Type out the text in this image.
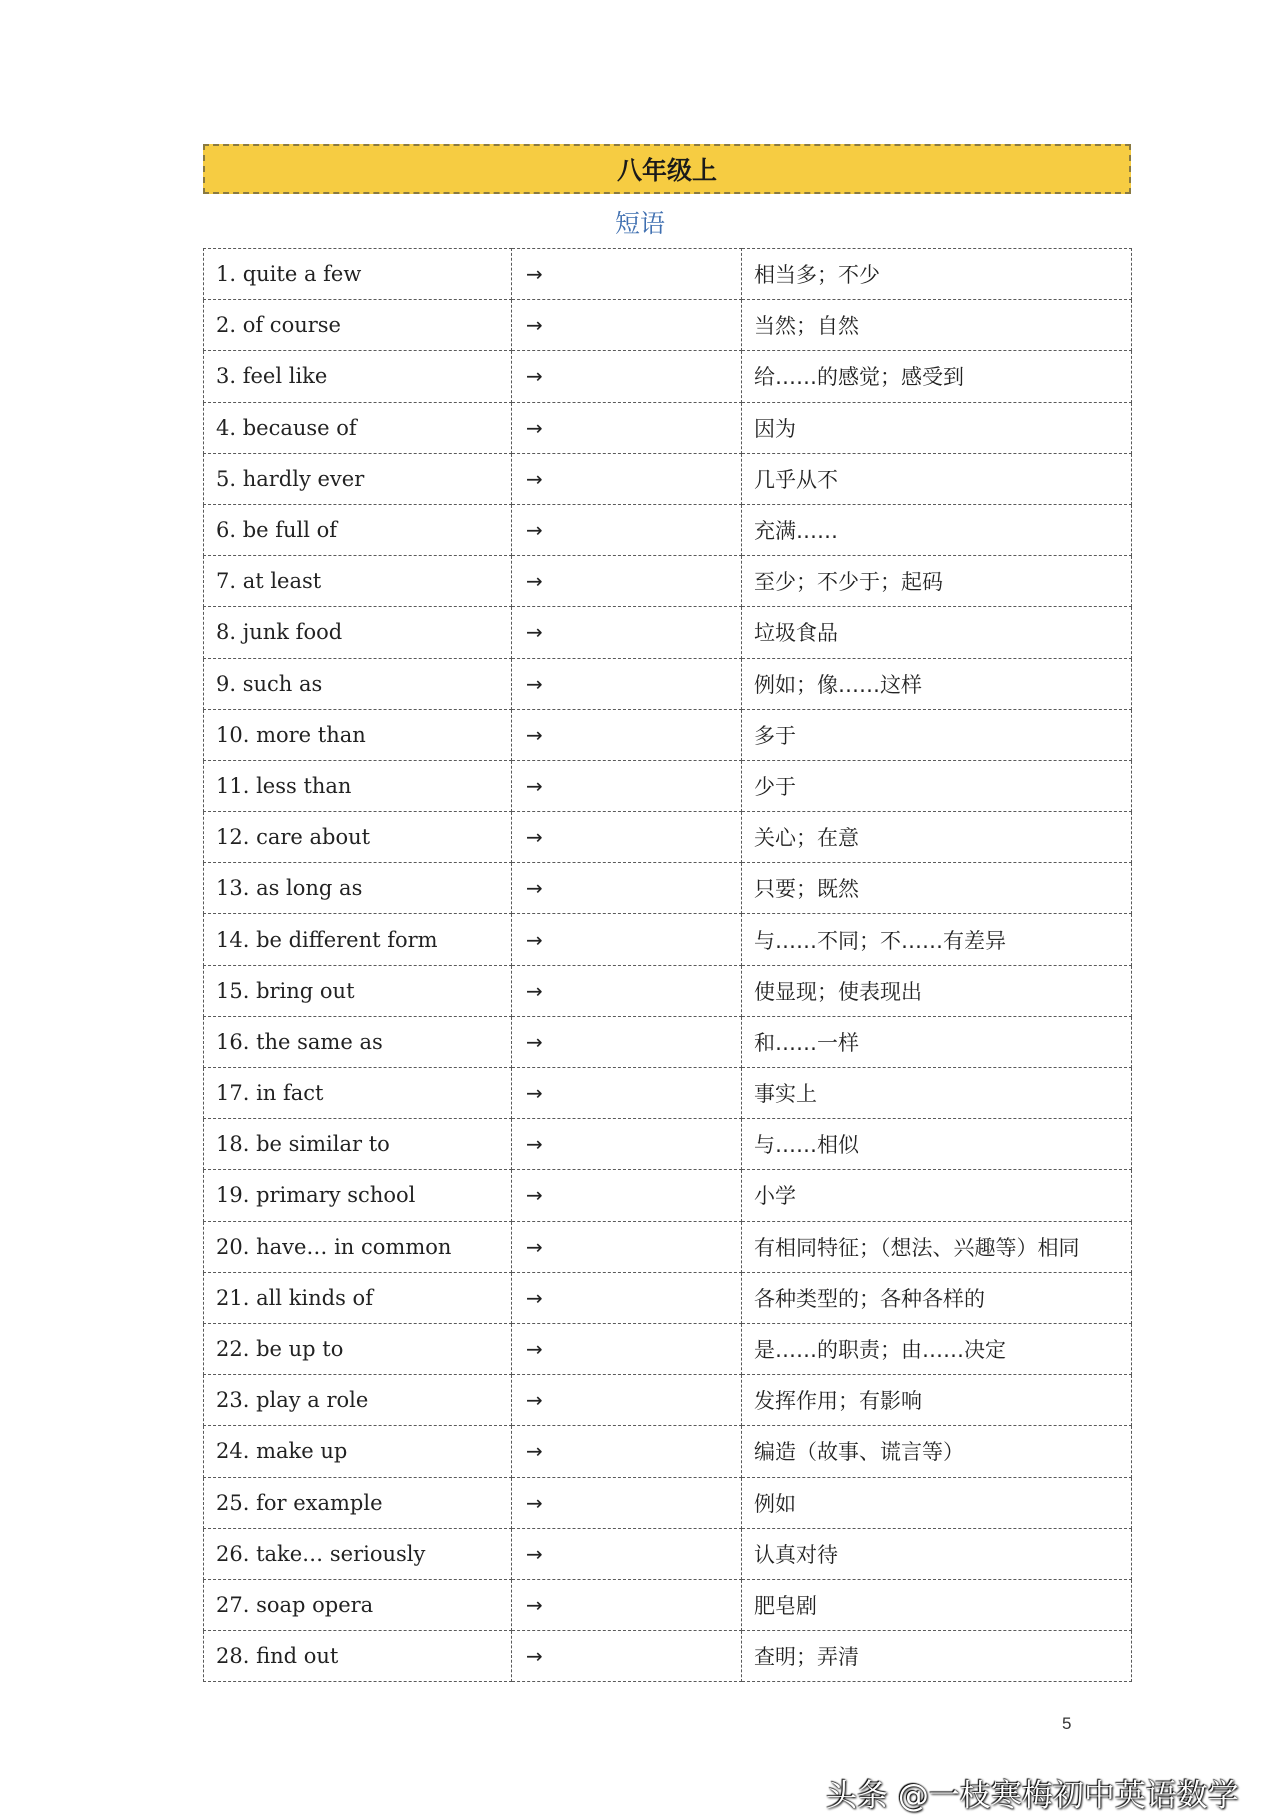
八年级上
短语
1. quite a few	→	相当多；不少
2. of course	→	当然；自然
3. feel like	→	给……的感觉；感受到
4. because of	→	因为
5. hardly ever	→	几乎从不
6. be full of	→	充满……
7. at least	→	至少；不少于；起码
8. junk food	→	垃圾食品
9. such as	→	例如；像……这样
10. more than	→	多于
11. less than	→	少于
12. care about	→	关心；在意
13. as long as	→	只要；既然
14. be different form	→	与……不同；不……有差异
15. bring out	→	使显现；使表现出
16. the same as	→	和……一样
17. in fact	→	事实上
18. be similar to	→	与……相似
19. primary school	→	小学
20. have… in common	→	有相同特征；（想法、兴趣等）相同
21. all kinds of	→	各种类型的；各种各样的
22. be up to	→	是……的职责；由……决定
23. play a role	→	发挥作用；有影响
24. make up	→	编造（故事、谎言等）
25. for example	→	例如
26. take… seriously	→	认真对待
27. soap opera	→	肥皂剧
28. find out	→	查明；弄清
5
头条 @一枝寒梅初中英语数学
